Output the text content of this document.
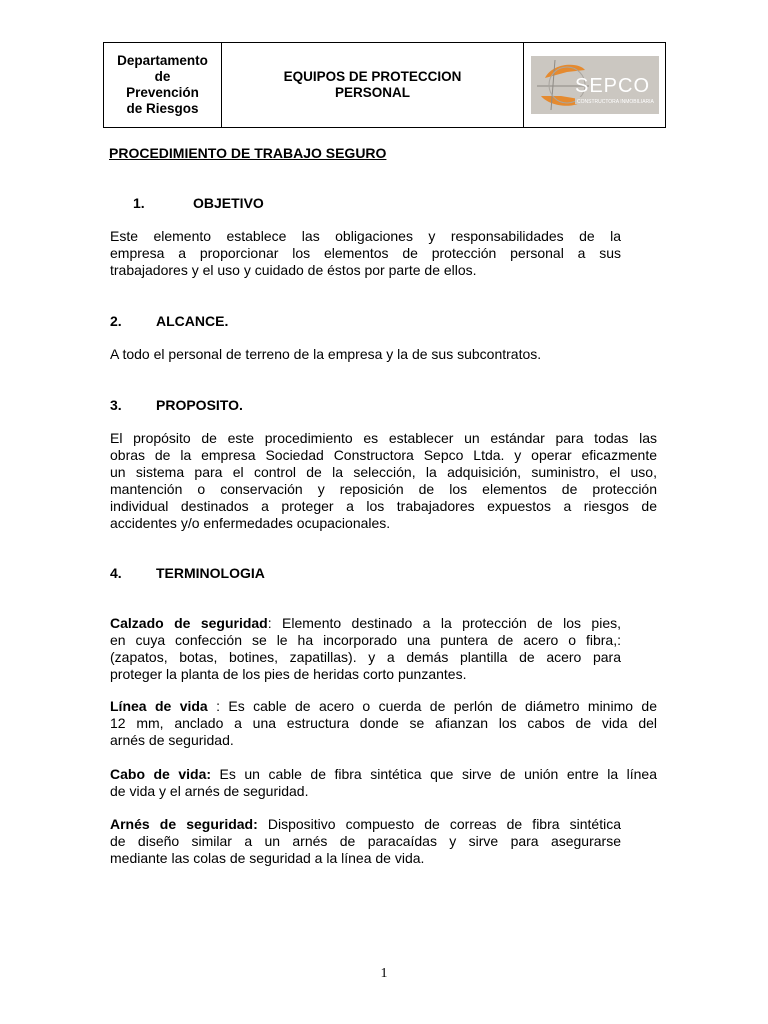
Departamento
de
Prevención
de Riesgos
EQUIPOS DE PROTECCION
PERSONAL	SEPCO
CONSTRUCTORA INMOBILIARIA
PROCEDIMIENTO DE TRABAJO SEGURO
1.	OBJETIVO
Este elemento establece las obligaciones y responsabilidades de la
empresa a proporcionar los elementos de protección personal a sus
trabajadores y el uso y cuidado de éstos por parte de ellos.
2. ALCANCE.
A todo el personal de terreno de la empresa y la de sus subcontratos.
3. PROPOSITO.
El propósito de este procedimiento es establecer un estándar para todas las
obras de la empresa Sociedad Constructora Sepco Ltda. y operar eficazmente
un sistema para el control de la selección, la adquisición, suministro, el uso,
mantención o conservación y reposición de los elementos de protección
individual destinados a proteger a los trabajadores expuestos a riesgos de
accidentes y/o enfermedades ocupacionales.
4. TERMINOLOGIA
Calzado de seguridad: Elemento destinado a la protección de los pies,
en cuya confección se le ha incorporado una puntera de acero o fibra,:
(zapatos, botas, botines, zapatillas). y a demás plantilla de acero para
proteger la planta de los pies de heridas corto punzantes.
Línea de vida : Es cable de acero o cuerda de perlón de diámetro minimo de
12 mm, anclado a una estructura donde se afianzan los cabos de vida del
arnés de seguridad.
Cabo de vida: Es un cable de fibra sintética que sirve de unión entre la línea
de vida y el arnés de seguridad.
Arnés de seguridad: Dispositivo compuesto de correas de fibra sintética
de diseño similar a un arnés de paracaídas y sirve para asegurarse
mediante las colas de seguridad a la línea de vida.
1
